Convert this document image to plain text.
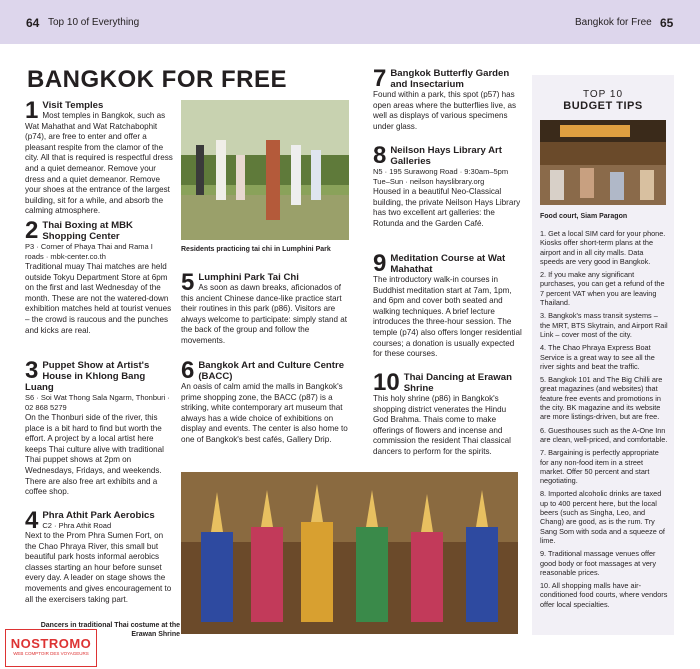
64 Top 10 of Everything	Bangkok for Free 65
BANGKOK FOR FREE
1 Visit Temples
Most temples in Bangkok, such as Wat Mahathat and Wat Ratchabophit (p74), are free to enter and offer a pleasant respite from the clamor of the city. All that is required is respectful dress and a quiet demeanor. Remove your dress and a quiet demeanor. Remove your shoes at the entrance of the largest building, sit for a while, and absorb the calming atmosphere.
2 Thai Boxing at MBK Shopping Center
P3 · Corner of Phaya Thai and Rama I roads · mbk-center.co.th
Traditional muay Thai matches are held outside Tokyu Department Store at 6pm on the first and last Wednesday of the month. These are not the watered-down exhibition matches held at tourist venues – the crowd is raucous and the punches and kicks are real.
3 Puppet Show at Artist's House in Khlong Bang Luang
S6 · Soi Wat Thong Sala Ngarm, Thonburi · 02 868 5279
On the Thonburi side of the river, this place is a bit hard to find but worth the effort. A project by a local artist here keeps Thai culture alive with traditional Thai puppet shows at 2pm on Wednesdays, Fridays, and weekends. There are also free art exhibits and a coffee shop.
4 Phra Athit Park Aerobics
C2 · Phra Athit Road
Next to the Prom Phra Sumen Fort, on the Chao Phraya River, this small but beautiful park hosts informal aerobics classes starting an hour before sunset every day. A leader on stage shows the movements and gives encouragement to all the exercisers taking part.
Dancers in traditional Thai costume at the Erawan Shrine
Residents practicing tai chi in Lumphini Park
5 Lumphini Park Tai Chi
As soon as dawn breaks, aficionados of this ancient Chinese dance-like practice start their routines in this park (p86). Visitors are always welcome to participate: simply stand at the back of the group and follow the movements.
6 Bangkok Art and Culture Centre (BACC)
An oasis of calm amid the malls in Bangkok's prime shopping zone, the BACC (p87) is a striking, white contemporary art museum that always has a wide choice of exhibitions on display and events. The center is also home to one of Bangkok's best cafés, Gallery Drip.
7 Bangkok Butterfly Garden and Insectarium
Found within a park, this spot (p57) has open areas where the butterflies live, as well as displays of various specimens under glass.
8 Neilson Hays Library Art Galleries
N5 · 195 Surawong Road · 9:30am–5pm Tue–Sun · neilson hayslibrary.org
Housed in a beautiful Neo-Classical building, the private Neilson Hays Library has two excellent art galleries: the Rotunda and the Garden Café.
9 Meditation Course at Wat Mahathat
The introductory walk-in courses in Buddhist meditation start at 7am, 1pm, and 6pm and cover both seated and walking techniques. A brief lecture introduces the three-hour session. The temple (p74) also offers longer residential courses; a donation is usually expected for these courses.
10 Thai Dancing at Erawan Shrine
This holy shrine (p86) in Bangkok's shopping district venerates the Hindu God Brahma. Thais come to make offerings of flowers and incense and commission the resident Thai classical dancers to perform for the spirits.
TOP 10
BUDGET TIPS
Food court, Siam Paragon

1. Get a local SIM card for your phone. Kiosks offer short-term plans at the airport and in all city malls. Data speeds are very good in Bangkok.

2. If you make any significant purchases, you can get a refund of the 7 percent VAT when you are leaving Thailand.

3. Bangkok's mass transit systems – the MRT, BTS Skytrain, and Airport Rail Link – cover most of the city.

4. The Chao Phraya Express Boat Service is a great way to see all the river sights and beat the traffic.

5. Bangkok 101 and The Big Chilli are great magazines (and websites) that feature free events and promotions in the city. BK magazine and its website are more listings-driven, but are free.

6. Guesthouses such as the A-One Inn are clean, well-priced, and comfortable.

7. Bargaining is perfectly appropriate for any non-food item in a street market. Offer 50 percent and start negotiating.

8. Imported alcoholic drinks are taxed up to 400 percent here, but the local beers (such as Singha, Leo, and Chang) are good, as is the rum. Try Sang Som with soda and a squeeze of lime.

9. Traditional massage venues offer good body or foot massages at very reasonable prices.

10. All shopping malls have air-conditioned food courts, where vendors offer local specialties.

NOSTROMO
WEB COMPTOIR DES VOYAGEURS
